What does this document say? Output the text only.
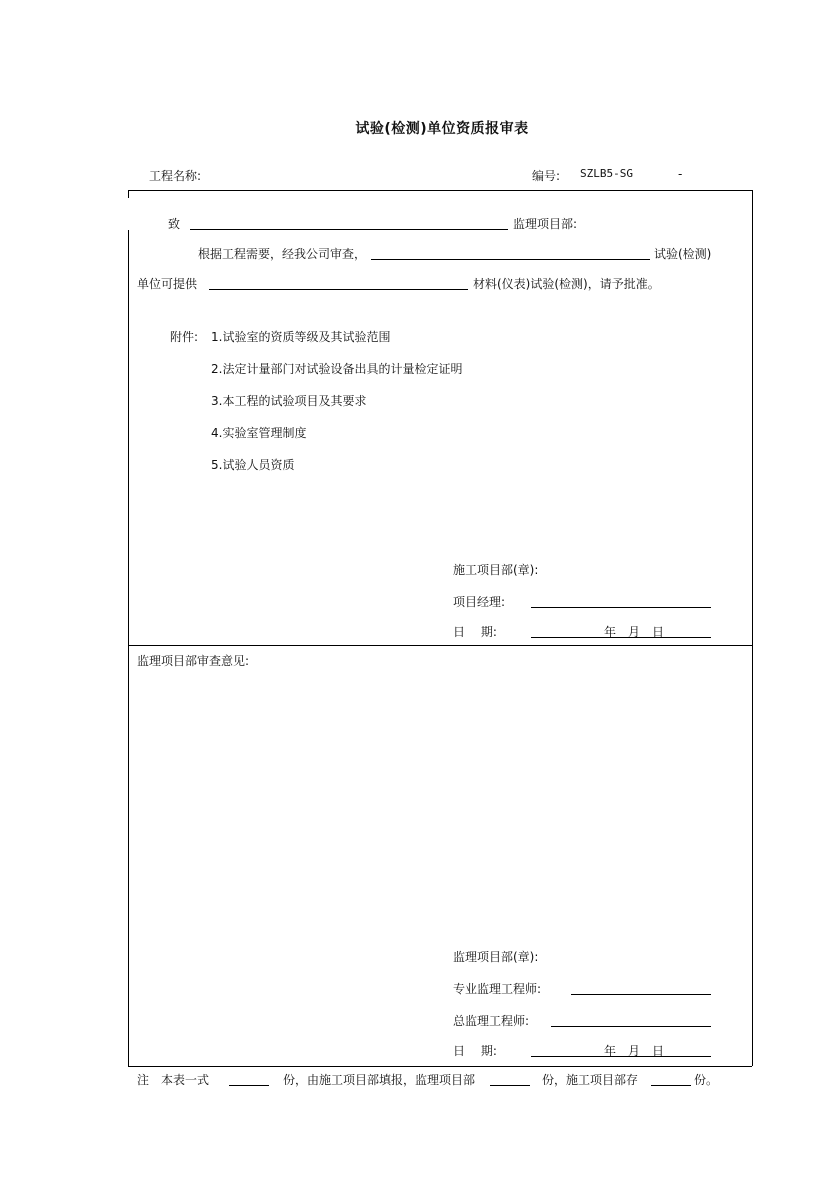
试验(检测)单位资质报审表
工程名称:	编号: SZLB5-SG	-
致	监理项目部:
根据工程需要，经我公司审查，	试验(检测)
单位可提供	材料(仪表)试验(检测)，请予批准。
附件: 1.试验室的资质等级及其试验范围
2.法定计量部门对试验设备出具的计量检定证明
3.本工程的试验项目及其要求
4.实验室管理制度
5.试验人员资质
施工项目部(章):
项目经理:
日　 期:	年 月 日
监理项目部审查意见:
监理项目部(章):
专业监理工程师:
总监理工程师:
日　 期:	年 月 日
注 本表一式	份，由施工项目部填报，监理项目部	份，施工项目部存	份。
